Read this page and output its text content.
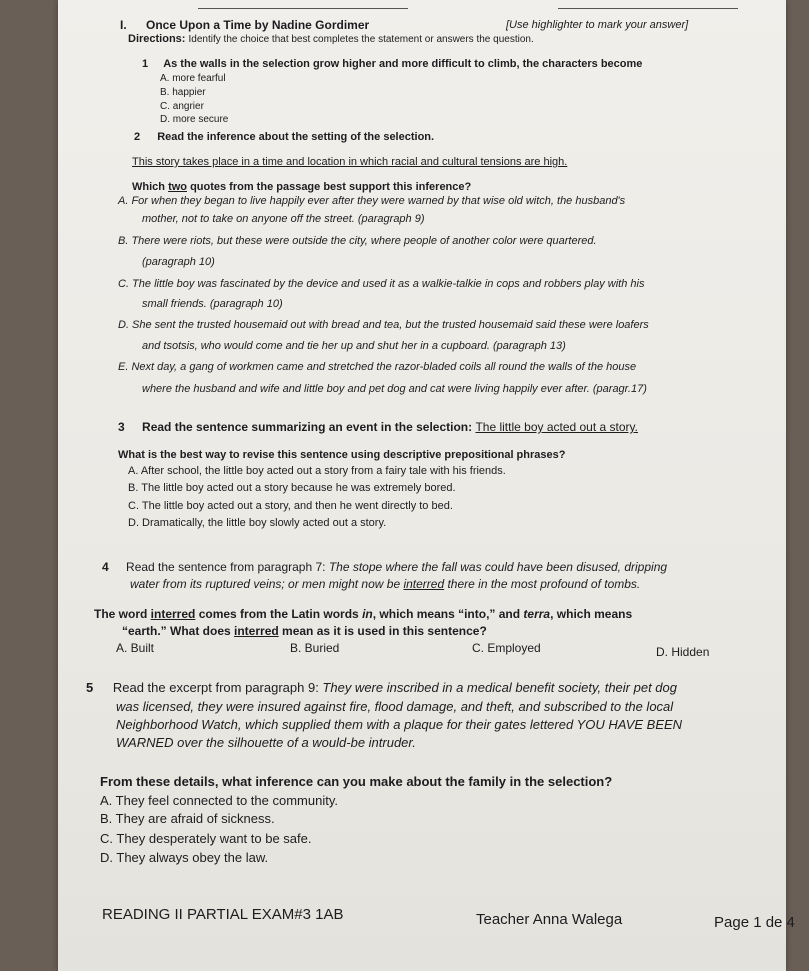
I. Once Upon a Time by Nadine Gordimer	[Use highlighter to mark your answer]
Directions: Identify the choice that best completes the statement or answers the question.
1 As the walls in the selection grow higher and more difficult to climb, the characters become
A. more fearful
B. happier
C. angrier
D. more secure
2 Read the inference about the setting of the selection.
This story takes place in a time and location in which racial and cultural tensions are high.
Which two quotes from the passage best support this inference?
A. For when they began to live happily ever after they were warned by that wise old witch, the husband's
mother, not to take on anyone off the street. (paragraph 9)
B. There were riots, but these were outside the city, where people of another color were quartered.
(paragraph 10)
C. The little boy was fascinated by the device and used it as a walkie-talkie in cops and robbers play with his
small friends. (paragraph 10)
D. She sent the trusted housemaid out with bread and tea, but the trusted housemaid said these were loafers
and tsotsis, who would come and tie her up and shut her in a cupboard. (paragraph 13)
E. Next day, a gang of workmen came and stretched the razor-bladed coils all round the walls of the house
where the husband and wife and little boy and pet dog and cat were living happily ever after. (paragr.17)
3 Read the sentence summarizing an event in the selection: The little boy acted out a story.
What is the best way to revise this sentence using descriptive prepositional phrases?
A. After school, the little boy acted out a story from a fairy tale with his friends.
B. The little boy acted out a story because he was extremely bored.
C. The little boy acted out a story, and then he went directly to bed.
D. Dramatically, the little boy slowly acted out a story.
4 Read the sentence from paragraph 7: The stope where the fall was could have been disused, dripping
water from its ruptured veins; or men might now be interred there in the most profound of tombs.
The word interred comes from the Latin words in, which means “into,” and terra, which means
“earth.” What does interred mean as it is used in this sentence?
A. Built	B. Buried	C. Employed	D. Hidden
5 Read the excerpt from paragraph 9: They were inscribed in a medical benefit society, their pet dog
was licensed, they were insured against fire, flood damage, and theft, and subscribed to the local
Neighborhood Watch, which supplied them with a plaque for their gates lettered YOU HAVE BEEN
WARNED over the silhouette of a would-be intruder.
From these details, what inference can you make about the family in the selection?
A. They feel connected to the community.
B. They are afraid of sickness.
C. They desperately want to be safe.
D. They always obey the law.
READING II PARTIAL EXAM#3 1AB	Teacher Anna Walega	Page 1 de 4
